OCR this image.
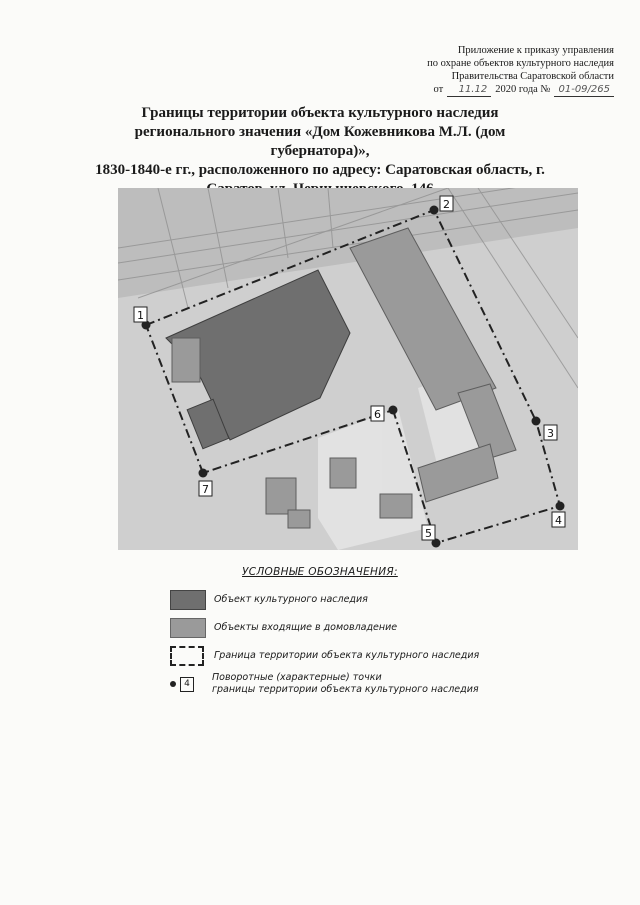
Приложение к приказу управления
по охране объектов культурного наследия
Правительства Саратовской области
от	11.12 2020 года № 01-09/265
Границы территории объекта культурного наследия
регионального значения «Дом Кожевникова М.Л. (дом губернатора)»,
1830-1840-е гг., расположенного по адресу: Саратовская область, г.
1
2
3
4
5
6
7
УСЛОВНЫЕ ОБОЗНАЧЕНИЯ:
Объект культурного наследия
Объекты входящие в домовладение
Граница территории объекта культурного наследия
4
Поворотные (характерные) точки
границы территории объекта культурного наследия
